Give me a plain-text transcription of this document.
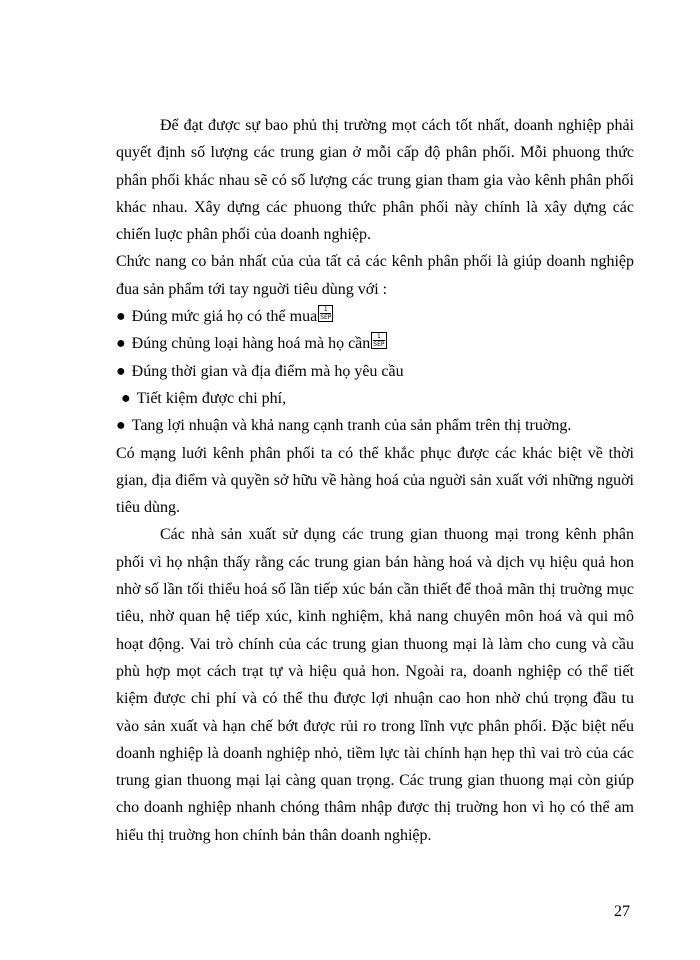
Để đạt được sự bao phủ thị trường mọt cách tốt nhất, doanh nghiệp phải quyết định số lượng các trung gian ở mỗi cấp độ phân phối. Mỗi phuong thức phân phối khác nhau sẽ có số lượng các trung gian tham gia vào kênh phân phối khác nhau. Xây dựng các phuong thức phân phối này chính là xây dựng các chiến luợc phân phối của doanh nghiệp.

Chức nang co bản nhất của của tất cả các kênh phân phối là giúp doanh nghiệp đua sản phẩm tới tay nguời tiêu dùng với :

● Đúng mức giá họ có thể mua	1
SEP
● Đúng chủng loại hàng hoá mà họ cần	1
SEP
● Đúng thời gian và địa điểm mà họ yêu cầu
● Tiết kiệm được chi phí,
● Tang lợi nhuận và khả nang cạnh tranh của sản phẩm trên thị truờng.

Có mạng luới kênh phân phối ta có thể khắc phục được các khác biệt về thời gian, địa điểm và quyền sở hữu về hàng hoá của nguời sản xuất với những nguời tiêu dùng.

Các nhà sản xuất sử dụng các trung gian thuong mại trong kênh phân phối vì họ nhận thấy rằng các trung gian bán hàng hoá và dịch vụ hiệu quả hon nhờ số lần tối thiểu hoá số lần tiếp xúc bán cần thiết để thoả mãn thị truờng mục tiêu, nhờ quan hệ tiếp xúc, kinh nghiệm, khả nang chuyên môn hoá và qui mô hoạt động. Vai trò chính của các trung gian thuong mại là làm cho cung và cầu phù hợp mọt cách trạt tự và hiệu quả hon. Ngoài ra, doanh nghiệp có thể tiết kiệm được chi phí và có thể thu được lợi nhuận cao hon nhờ chú trọng đầu tu vào sản xuất và hạn chế bớt được rủi ro trong lĩnh vực phân phối. Đặc biệt nếu doanh nghiệp là doanh nghiệp nhỏ, tiềm lực tài chính hạn hẹp thì vai trò của các trung gian thuong mại lại càng quan trọng. Các trung gian thuong mại còn giúp cho doanh nghiệp nhanh chóng thâm nhập được thị truờng hon vì họ có thể am hiểu thị truờng hon chính bản thân doanh nghiệp.

27
